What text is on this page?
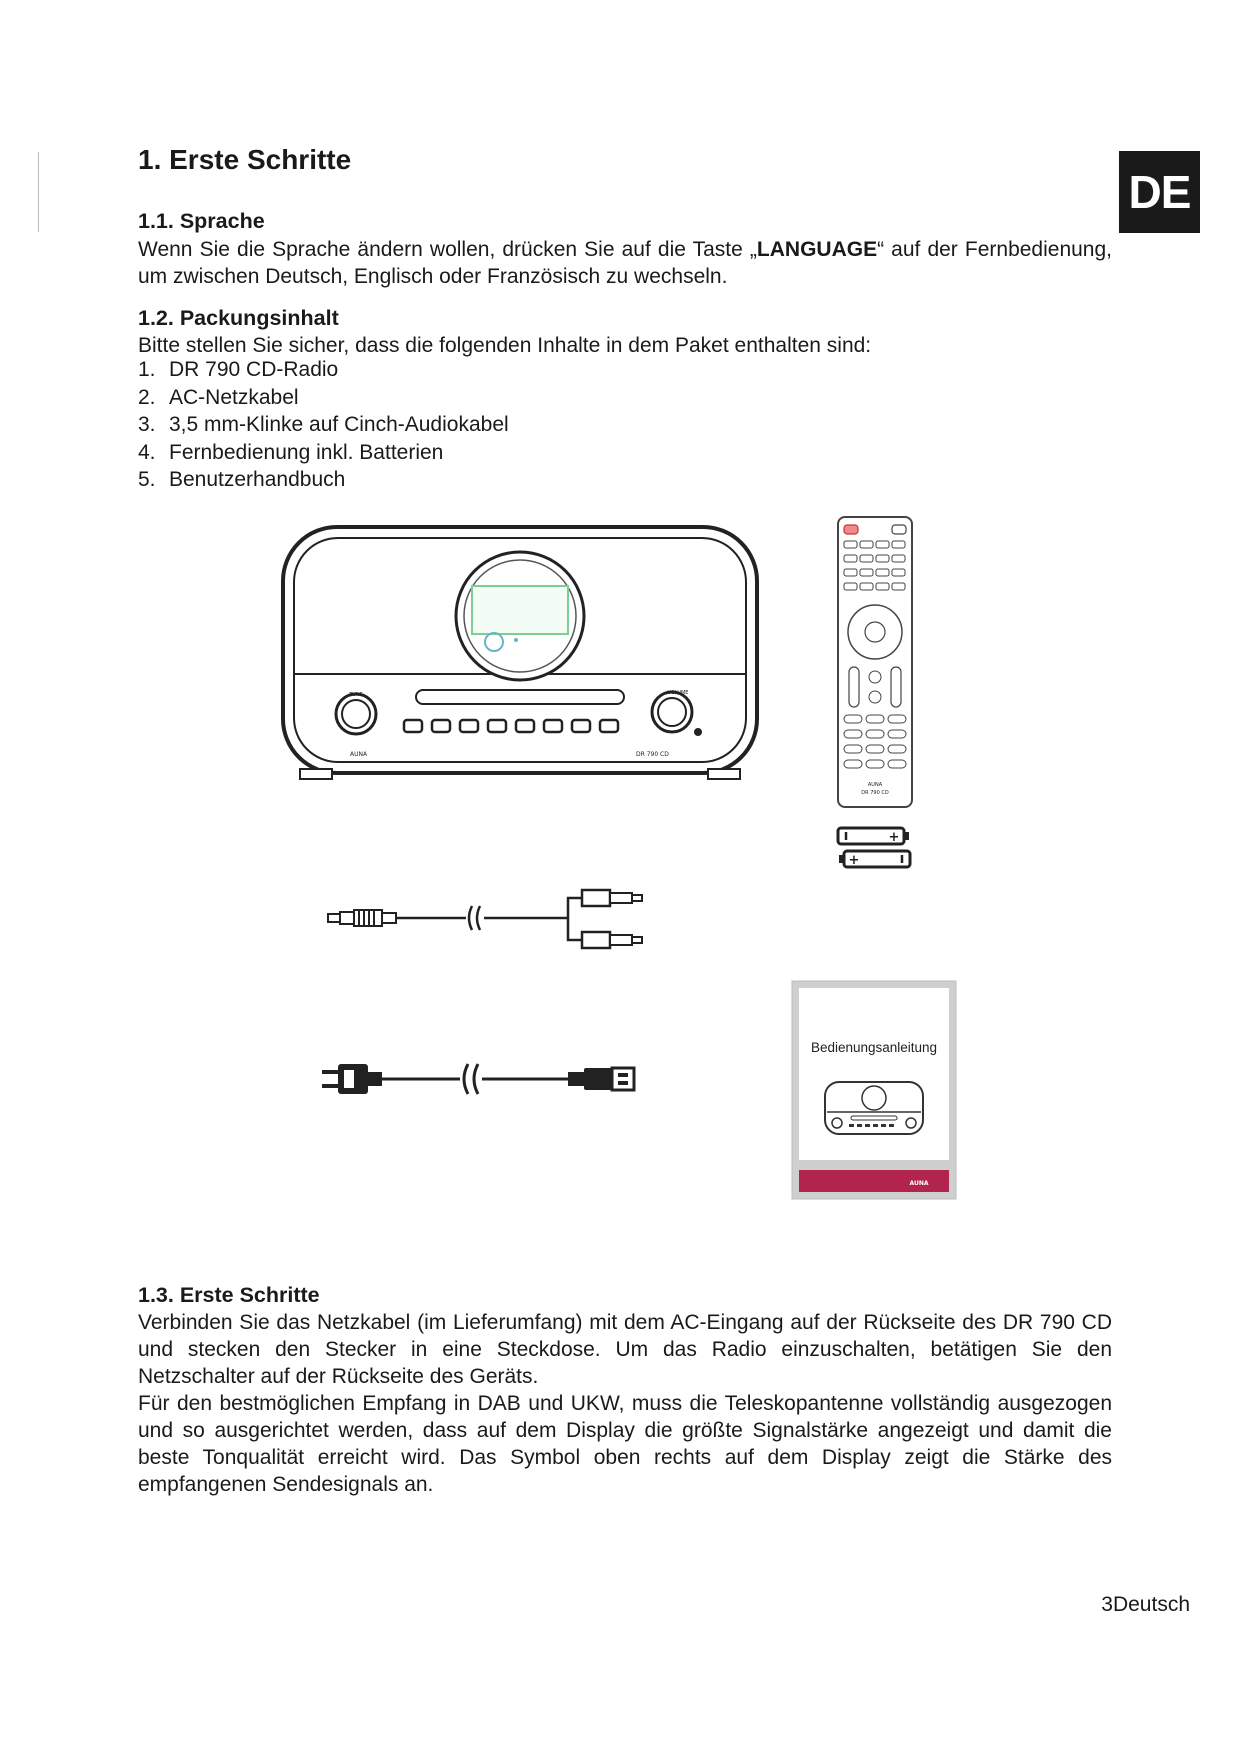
DE
1. Erste Schritte
1.1. Sprache

Wenn Sie die Sprache ändern wollen, drücken Sie auf die Taste „LANGUAGE“ auf der Fernbedienung, um zwischen Deutsch, Englisch oder Französisch zu wechseln.

1.2. Packungsinhalt

Bitte stellen Sie sicher, dass die folgenden Inhalte in dem Paket enthalten sind:

1. DR 790 CD-Radio
2. AC-Netzkabel
3. 3,5 mm-Klinke auf Cinch-Audiokabel
4. Fernbedienung inkl. Batterien
5. Benutzerhandbuch
TUNE	VOLUME
AUNA	DR 790 CD
AUNA
DR 790 CD
+
+
Bedienungsanleitung
AUNA
1.3. Erste Schritte

Verbinden Sie das Netzkabel (im Lieferumfang) mit dem AC-Eingang auf der Rückseite des DR 790 CD und stecken den Stecker in eine Steckdose. Um das Radio einzuschalten, betätigen Sie den Netzschalter auf der Rückseite des Geräts.

Für den bestmöglichen Empfang in DAB und UKW, muss die Teleskopantenne vollständig ausgezogen und so ausgerichtet werden, dass auf dem Display die größte Signalstärke angezeigt und damit die beste Tonqualität erreicht wird. Das Symbol oben rechts auf dem Display zeigt die Stärke des empfangenen Sendesignals an.

3Deutsch
